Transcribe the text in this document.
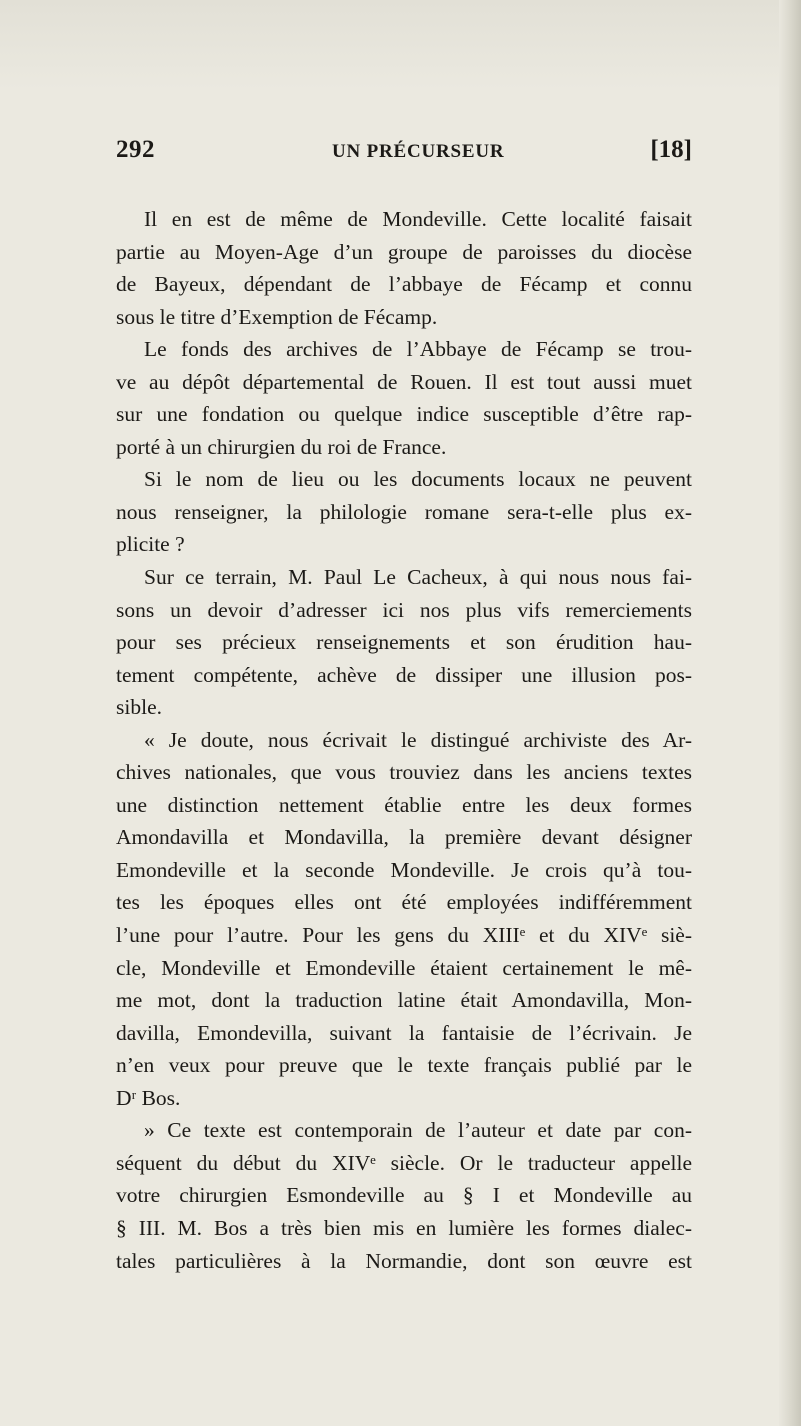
292	UN PRÉCURSEUR	[18]
Il en est de même de Mondeville. Cette localité faisait
partie au Moyen-Age d’un groupe de paroisses du diocèse
de Bayeux, dépendant de l’abbaye de Fécamp et connu
sous le titre d’Exemption de Fécamp.
Le fonds des archives de l’Abbaye de Fécamp se trou-
ve au dépôt départemental de Rouen. Il est tout aussi muet
sur une fondation ou quelque indice susceptible d’être rap-
porté à un chirurgien du roi de France.
Si le nom de lieu ou les documents locaux ne peuvent
nous renseigner, la philologie romane sera-t-elle plus ex-
plicite ?
Sur ce terrain, M. Paul Le Cacheux, à qui nous nous fai-
sons un devoir d’adresser ici nos plus vifs remerciements
pour ses précieux renseignements et son érudition hau-
tement compétente, achève de dissiper une illusion pos-
sible.
« Je doute, nous écrivait le distingué archiviste des Ar-
chives nationales, que vous trouviez dans les anciens textes
une distinction nettement établie entre les deux formes
Amondavilla et Mondavilla, la première devant désigner
Emondeville et la seconde Mondeville. Je crois qu’à tou-
tes les époques elles ont été employées indifféremment
l’une pour l’autre. Pour les gens du XIIIᵉ et du XIVᵉ siè-
cle, Mondeville et Emondeville étaient certainement le mê-
me mot, dont la traduction latine était Amondavilla, Mon-
davilla, Emondevilla, suivant la fantaisie de l’écrivain. Je
n’en veux pour preuve que le texte français publié par le
Dʳ Bos.
» Ce texte est contemporain de l’auteur et date par con-
séquent du début du XIVᵉ siècle. Or le traducteur appelle
votre chirurgien Esmondeville au § I et Mondeville au
§ III. M. Bos a très bien mis en lumière les formes dialec-
tales particulières à la Normandie, dont son œuvre est
